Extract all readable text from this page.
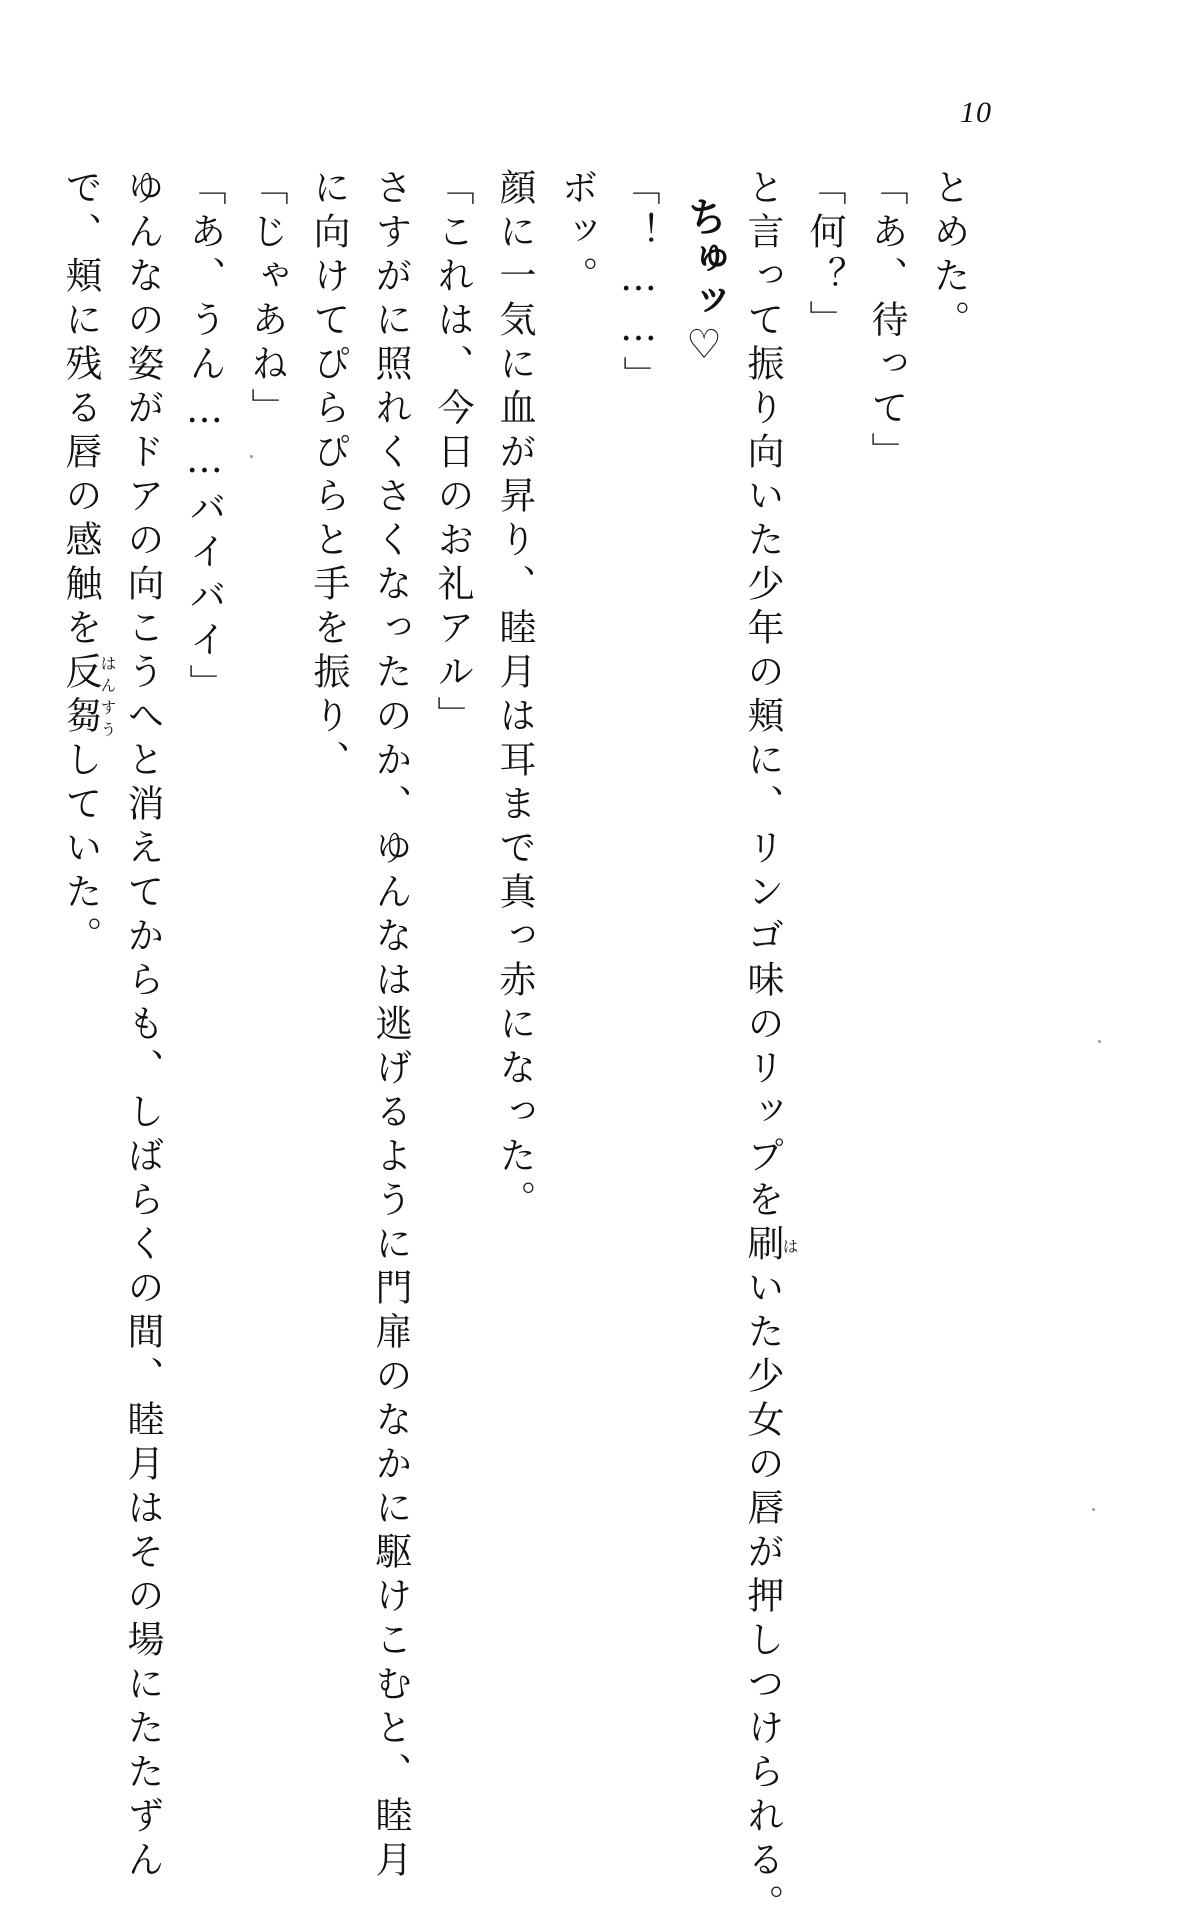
10
とめた。
「あ、待って」
「何？」
と言って振り向いた少年の頬に、リンゴ味のリップを刷はいた少女の唇が押しつけられる。
ちゅッ♡
「！……」
ボッ。
顔に一気に血が昇り、睦月は耳まで真っ赤になった。
「これは、今日のお礼アル」
さすがに照れくさくなったのか、ゆんなは逃げるように門扉のなかに駆けこむと、睦月
に向けてぴらぴらと手を振り、
「じゃあね」
「あ、うん……バイバイ」
ゆんなの姿がドアの向こうへと消えてからも、しばらくの間、睦月はその場にたたずん
で、頬に残る唇の感触を反芻はんすうしていた。
